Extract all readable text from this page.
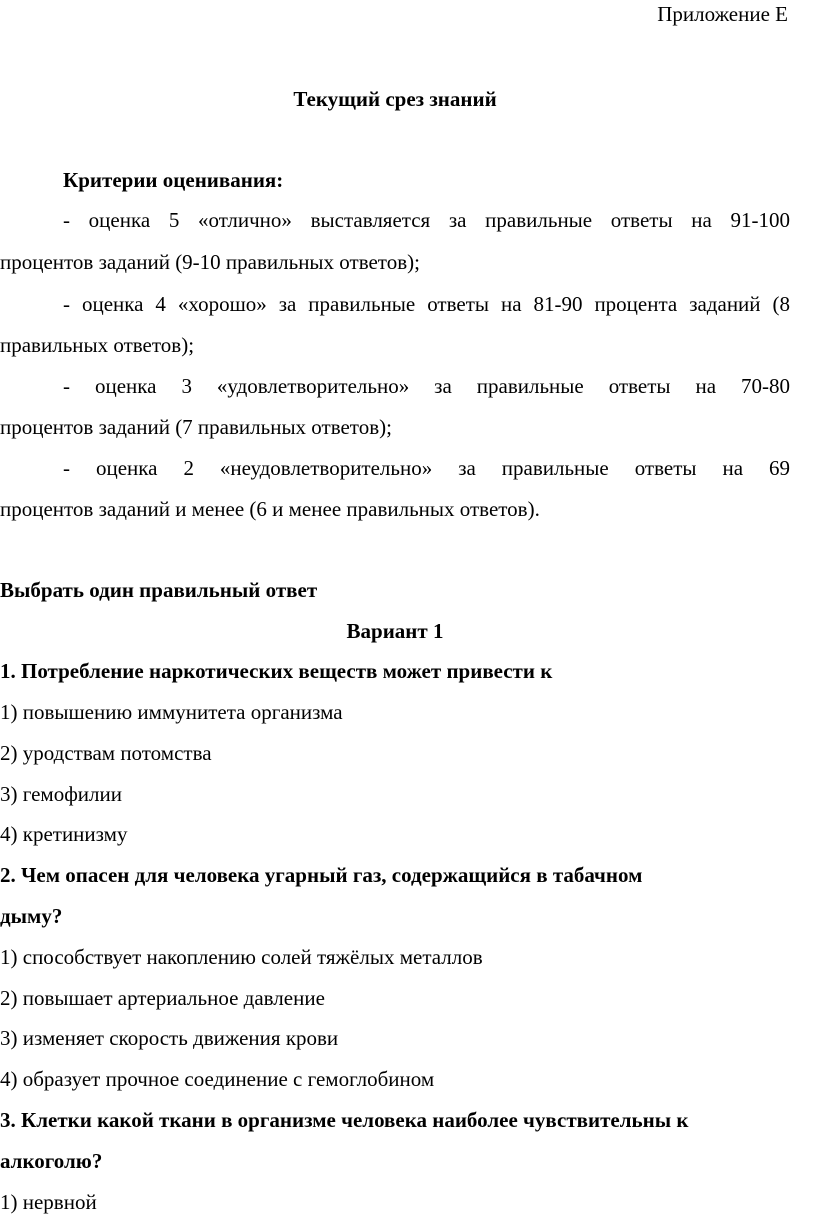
Приложение Е
Текущий срез знаний
Критерии оценивания:
- оценка 5 «отлично» выставляется за правильные ответы на 91-100
процентов заданий (9-10 правильных ответов);
- оценка 4 «хорошо» за правильные ответы на 81-90 процента заданий (8
правильных ответов);
- оценка 3 «удовлетворительно» за правильные ответы на 70-80
процентов заданий (7 правильных ответов);
- оценка 2 «неудовлетворительно» за правильные ответы на 69
процентов заданий и менее (6 и менее правильных ответов).
Выбрать один правильный ответ
Вариант 1
1. Потребление наркотических веществ может привести к
1) повышению иммунитета организма
2) уродствам потомства
3) гемофилии
4) кретинизму
2. Чем опасен для человека угарный газ, содержащийся в табачном
дыму?
1) способствует накоплению солей тяжёлых металлов
2) повышает артериальное давление
3) изменяет скорость движения крови
4) образует прочное соединение с гемоглобином
3. Клетки какой ткани в организме человека наиболее чувствительны к
алкоголю?
1) нервной
